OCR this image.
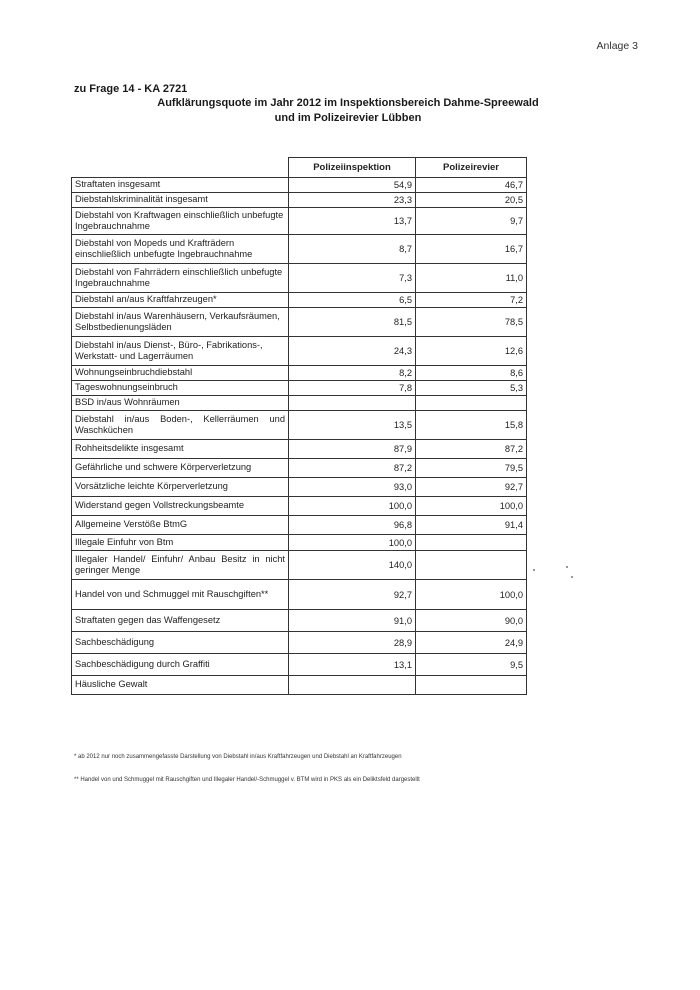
Anlage 3
zu Frage 14 - KA 2721
Aufklärungsquote im Jahr 2012 im Inspektionsbereich Dahme-Spreewald
und im Polizeirevier Lübben
	Polizeiinspektion	Polizeirevier
Straftaten insgesamt	54,9	46,7
Diebstahlskriminalität insgesamt	23,3	20,5
Diebstahl von Kraftwagen einschließlich unbefugte Ingebrauchnahme	13,7	9,7
Diebstahl von Mopeds und Krafträdern einschließlich unbefugte Ingebrauchnahme	8,7	16,7
Diebstahl von Fahrrädern einschließlich unbefugte Ingebrauchnahme	7,3	11,0
Diebstahl an/aus Kraftfahrzeugen*	6,5	7,2
Diebstahl in/aus Warenhäusern, Verkaufsräumen, Selbstbedienungsläden	81,5	78,5
Diebstahl in/aus Dienst-, Büro-, Fabrikations-, Werkstatt- und Lagerräumen	24,3	12,6
Wohnungseinbruchdiebstahl	8,2	8,6
Tageswohnungseinbruch	7,8	5,3
BSD in/aus Wohnräumen		
Diebstahl in/aus Boden-, Kellerräumen und Waschküchen	13,5	15,8
Rohheitsdelikte insgesamt	87,9	87,2
Gefährliche und schwere Körperverletzung	87,2	79,5
Vorsätzliche leichte Körperverletzung	93,0	92,7
Widerstand gegen Vollstreckungsbeamte	100,0	100,0
Allgemeine Verstöße BtmG	96,8	91,4
Illegale Einfuhr von Btm	100,0	
Illegaler Handel/ Einfuhr/ Anbau Besitz in nicht geringer Menge	140,0	
Handel von und Schmuggel mit Rauschgiften**	92,7	100,0
Straftaten gegen das Waffengesetz	91,0	90,0
Sachbeschädigung	28,9	24,9
Sachbeschädigung durch Graffiti	13,1	9,5
Häusliche Gewalt		
* ab 2012 nur noch zusammengefasste Darstellung von Diebstahl in/aus Kraftfahrzeugen und Diebstahl an Kraftfahrzeugen
** Handel von und Schmuggel mit Rauschgiften und Illegaler Handel/-Schmuggel v. BTM wird in PKS als ein Deliktsfeld dargestellt
